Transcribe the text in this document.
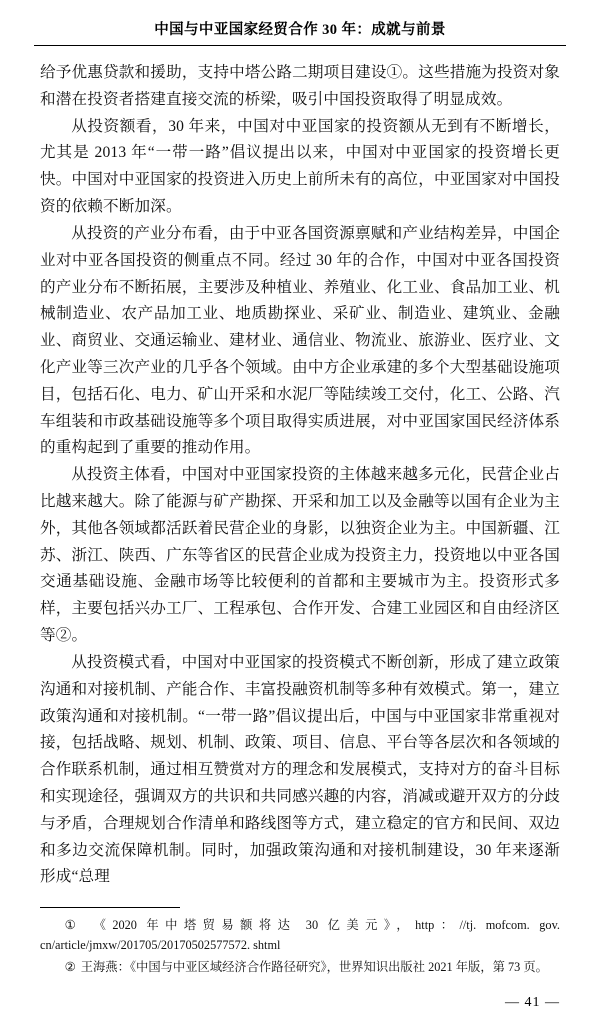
中国与中亚国家经贸合作 30 年：成就与前景

给予优惠贷款和援助，支持中塔公路二期项目建设①。这些措施为投资对象和潜在投资者搭建直接交流的桥梁，吸引中国投资取得了明显成效。

从投资额看，30 年来，中国对中亚国家的投资额从无到有不断增长，尤其是 2013 年“一带一路”倡议提出以来，中国对中亚国家的投资增长更快。中国对中亚国家的投资进入历史上前所未有的高位，中亚国家对中国投资的依赖不断加深。

从投资的产业分布看，由于中亚各国资源禀赋和产业结构差异，中国企业对中亚各国投资的侧重点不同。经过 30 年的合作，中国对中亚各国投资的产业分布不断拓展，主要涉及种植业、养殖业、化工业、食品加工业、机械制造业、农产品加工业、地质勘探业、采矿业、制造业、建筑业、金融业、商贸业、交通运输业、建材业、通信业、物流业、旅游业、医疗业、文化产业等三次产业的几乎各个领域。由中方企业承建的多个大型基础设施项目，包括石化、电力、矿山开采和水泥厂等陆续竣工交付，化工、公路、汽车组装和市政基础设施等多个项目取得实质进展，对中亚国家国民经济体系的重构起到了重要的推动作用。

从投资主体看，中国对中亚国家投资的主体越来越多元化，民营企业占比越来越大。除了能源与矿产勘探、开采和加工以及金融等以国有企业为主外，其他各领域都活跃着民营企业的身影，以独资企业为主。中国新疆、江苏、浙江、陕西、广东等省区的民营企业成为投资主力，投资地以中亚各国交通基础设施、金融市场等比较便利的首都和主要城市为主。投资形式多样，主要包括兴办工厂、工程承包、合作开发、合建工业园区和自由经济区等②。

从投资模式看，中国对中亚国家的投资模式不断创新，形成了建立政策沟通和对接机制、产能合作、丰富投融资机制等多种有效模式。第一，建立政策沟通和对接机制。“一带一路”倡议提出后，中国与中亚国家非常重视对接，包括战略、规划、机制、政策、项目、信息、平台等各层次和各领域的合作联系机制，通过相互赞赏对方的理念和发展模式，支持对方的奋斗目标和实现途径，强调双方的共识和共同感兴趣的内容，消减或避开双方的分歧与矛盾，合理规划合作清单和路线图等方式，建立稳定的官方和民间、双边和多边交流保障机制。同时，加强政策沟通和对接机制建设，30 年来逐渐形成“总理

① 《2020 年中塔贸易额将达 30 亿美元》，http：//tj. mofcom. gov. cn/article/jmxw/201705/20170502577572. shtml

② 王海燕：《中国与中亚区域经济合作路径研究》，世界知识出版社 2021 年版，第 73 页。

— 41 —
